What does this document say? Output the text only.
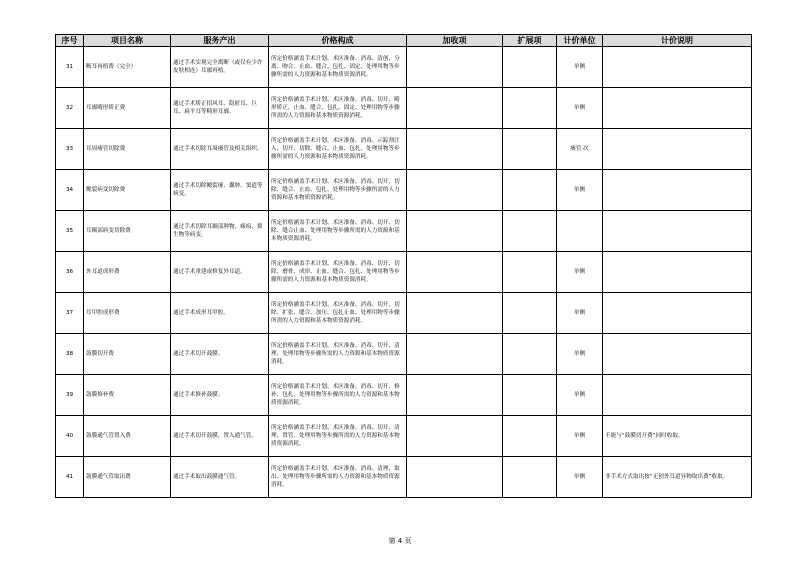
序号	项目名称	服务产出	价格构成	加收项	扩展项	计价单位	计价说明
31	断耳再植费（完全）	通过手术实现完全离断（或仅有少许皮肤相连）耳廓再植。	所定价格涵盖手术计划、术区准备、消毒、清创、分离、吻合、止血、缝合、包扎、固定、处理用物等步骤所需的人力资源和基本物质资源消耗。			单侧	
32	耳廓畸形矫正费	通过手术矫正招风耳、隐匿耳、巨耳、扁平耳等畸形耳廓。	所定价格涵盖手术计划、术区准备、消毒、切开、畸形矫正、止血、缝合、包扎、固定、处理用物等步骤所需的人力资源和基本物质资源消耗。			单侧	
33	耳周瘘管切除费	通过手术切除耳周瘘管及相关组织。	所定价格涵盖手术计划、术区准备、消毒、示踪剂注入、切开、切除、缝合、止血、包扎、处理用物等步骤所需的人力资源和基本物质资源消耗。			瘘管·次	
34	鳃裂病变切除费	通过手术切除鳃裂瘘、囊肿、窦道等病变。	所定价格涵盖手术计划、术区准备、消毒、切开、切除、缝合、止血、包扎、处理用物等步骤所需的人力资源和基本物质资源消耗。			单侧	
35	耳颞部病变切除费	通过手术切除耳颞部肿物、瘢痕、赘生物等病变。	所定价格涵盖手术计划、术区准备、消毒、切开、切除、缝合止血、处理用物等步骤所需的人力资源和基本物质资源消耗。				
36	外耳道成形费	通过手术重建或修复外耳道。	所定价格涵盖手术计划、术区准备、消毒、切开、切除、磨骨、成形、止血、缝合、包扎、处理用物等步骤所需的人力资源和基本物质资源消耗。			单侧	
37	耳甲腔成形费	通过手术成形耳甲腔。	所定价格涵盖手术计划、术区准备、消毒、切开、切除、扩张、缝合、加压、包扎止血、处理用物等步骤所需的人力资源和基本物质资源消耗。			单侧	
38	鼓膜切开费	通过手术切开鼓膜。	所定价格涵盖手术计划、术区准备、消毒、切开、清理、处理用物等步骤所需的人力资源和基本物质资源消耗。			单侧	
39	鼓膜修补费	通过手术修补鼓膜。	所定价格涵盖手术计划、术区准备、消毒、切开、修补、包扎、处理用物等步骤所需的人力资源和基本物质资源消耗。			单侧	
40	鼓膜通气管置入费	通过手术切开鼓膜，置入通气管。	所定价格涵盖手术计划、术区准备、消毒、切开、清理、置管、处理用物等步骤所需的人力资源和基本物质资源消耗。			单侧	不能与“鼓膜切开费”同时收取。
41	鼓膜通气管取出费	通过手术取出鼓膜通气管。	所定价格涵盖手术计划、术区准备、消毒、清理、取出、处理用物等步骤所需的人力资源和基本物质资源消耗。			单侧	非手术方式取出按“无创外耳道异物取出费”收取。
第 4 页
